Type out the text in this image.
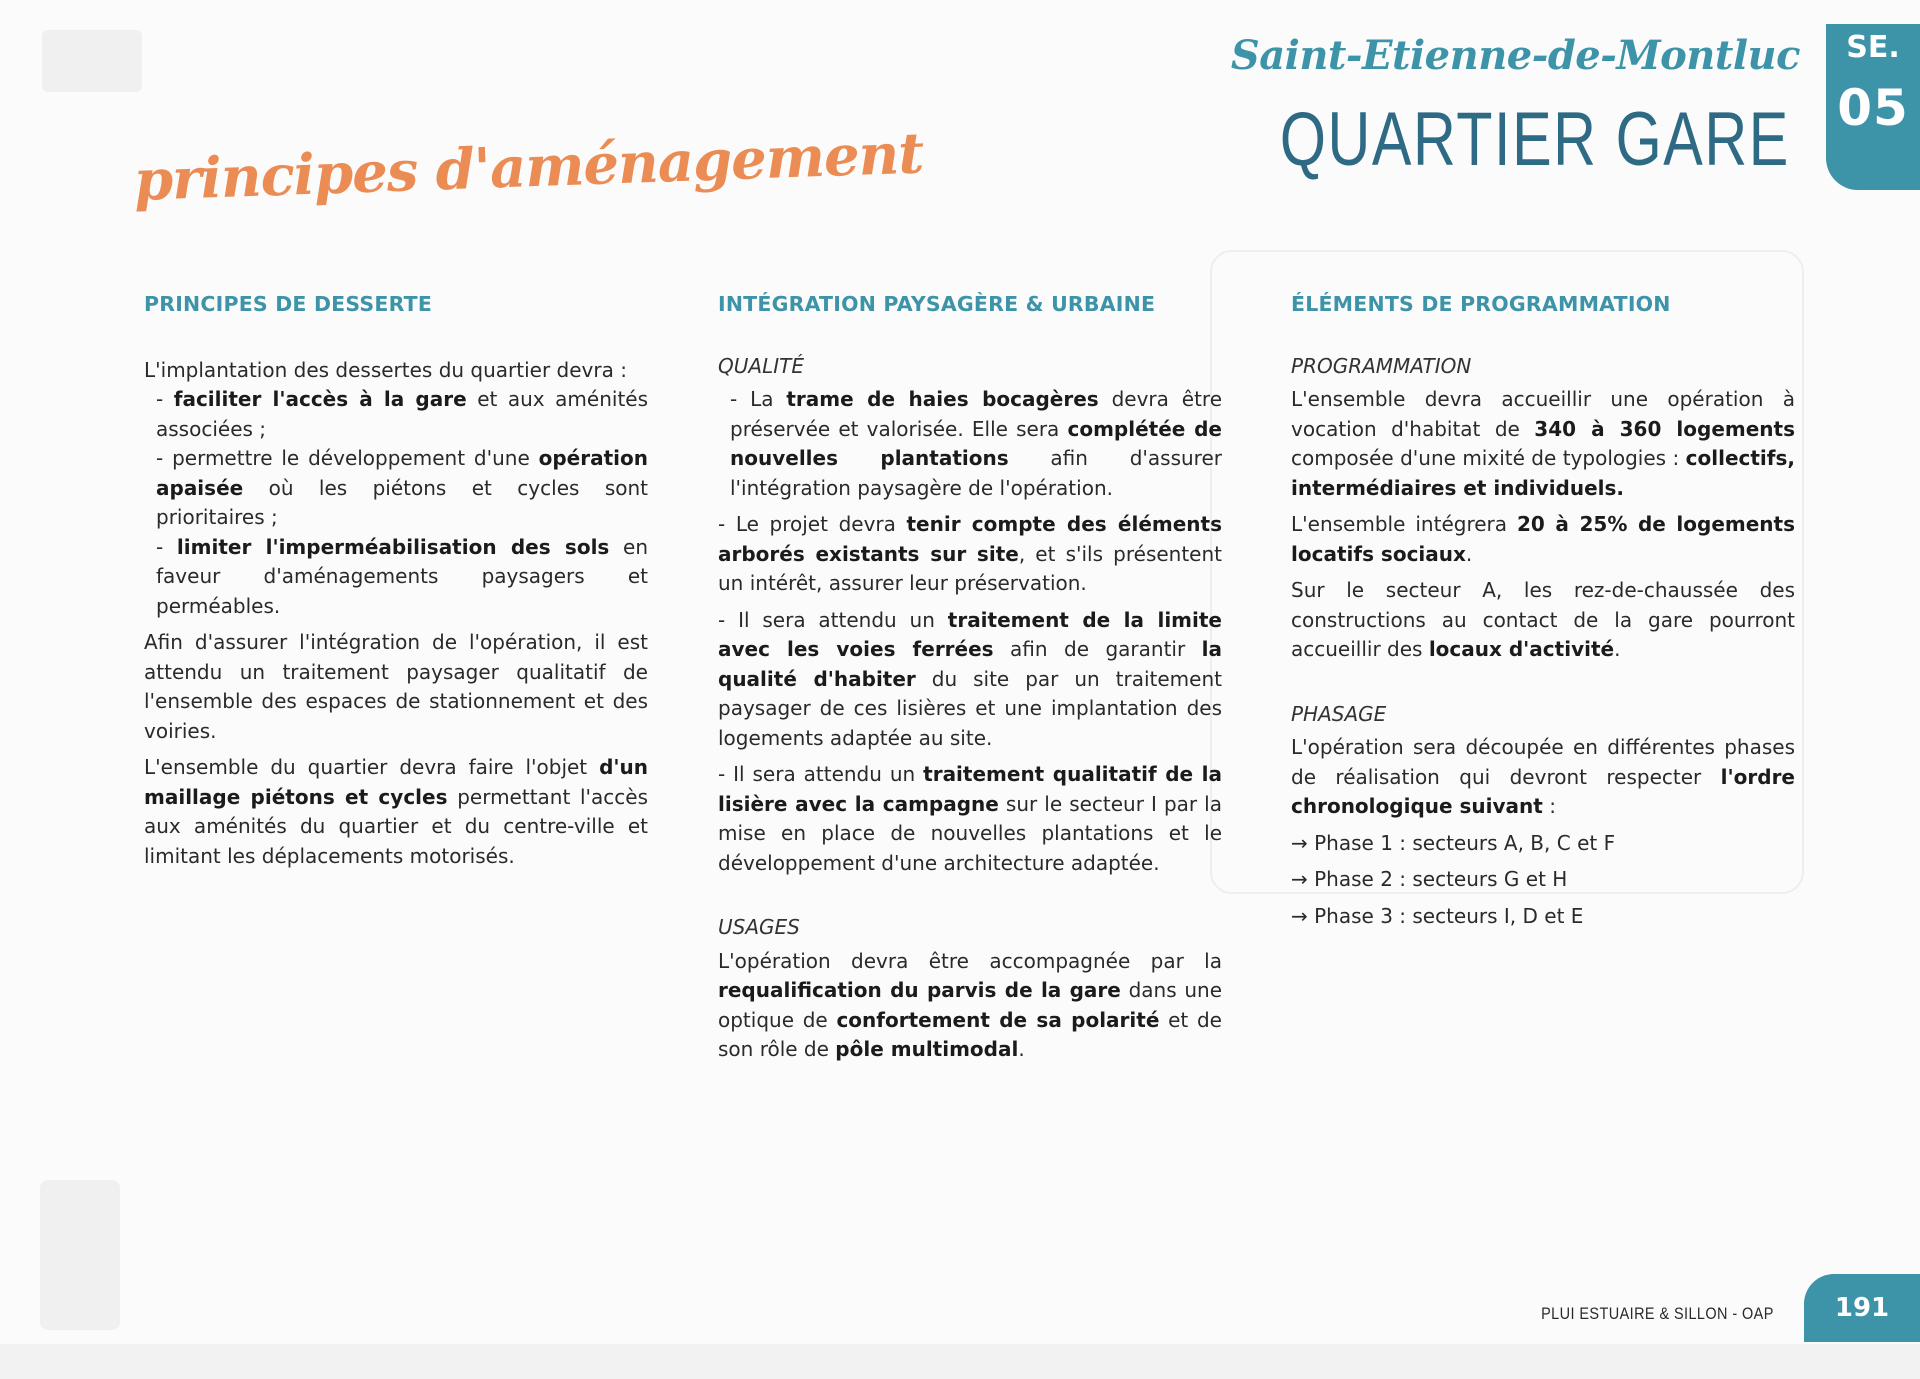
Saint-Etienne-de-Montluc
QUARTIER GARE
SE.
05
principes d'aménagement
PRINCIPES DE DESSERTE

L'implantation des dessertes du quartier devra :

- faciliter l'accès à la gare et aux aménités associées ;

- permettre le développement d'une opération apaisée où les piétons et cycles sont prioritaires ;

- limiter l'imperméabilisation des sols en faveur d'aménagements paysagers et perméables.

Afin d'assurer l'intégration de l'opération, il est attendu un traitement paysager qualitatif de l'ensemble des espaces de stationnement et des voiries.

L'ensemble du quartier devra faire l'objet d'un maillage piétons et cycles permettant l'accès aux aménités du quartier et du centre-ville et limitant les déplacements motorisés.

INTÉGRATION PAYSAGÈRE & URBAINE
QUALITÉ

- La trame de haies bocagères devra être préservée et valorisée. Elle sera complétée de nouvelles plantations afin d'assurer l'intégration paysagère de l'opération.

- Le projet devra tenir compte des éléments arborés existants sur site, et s'ils présentent un intérêt, assurer leur préservation.

- Il sera attendu un traitement de la limite avec les voies ferrées afin de garantir la qualité d'habiter du site par un traitement paysager de ces lisières et une implantation des logements adaptée au site.

- Il sera attendu un traitement qualitatif de la lisière avec la campagne sur le secteur I par la mise en place de nouvelles plantations et le développement d'une architecture adaptée.

USAGES

L'opération devra être accompagnée par la requalification du parvis de la gare dans une optique de confortement de sa polarité et de son rôle de pôle multimodal.

ÉLÉMENTS DE PROGRAMMATION
PROGRAMMATION

L'ensemble devra accueillir une opération à vocation d'habitat de 340 à 360 logements composée d'une mixité de typologies : collectifs, intermédiaires et individuels.

L'ensemble intégrera 20 à 25% de logements locatifs sociaux.

Sur le secteur A, les rez-de-chaussée des constructions au contact de la gare pourront accueillir des locaux d'activité.

PHASAGE

L'opération sera découpée en différentes phases de réalisation qui devront respecter l'ordre chronologique suivant :

→ Phase 1 : secteurs A, B, C et F
→ Phase 2 : secteurs G et H
→ Phase 3 : secteurs I, D et E
PLUI ESTUAIRE & SILLON - OAP	191
